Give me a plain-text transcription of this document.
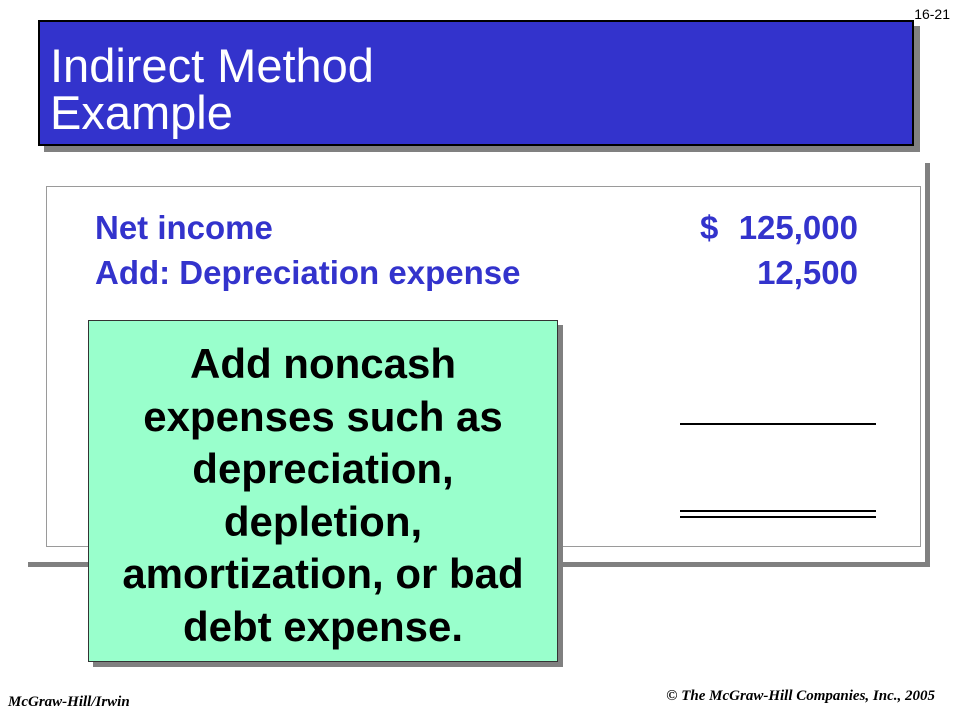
16-21
Indirect Method
Example
Net income	$ 125,000
Add: Depreciation expense	12,500
Add noncash
expenses such as
depreciation,
depletion,
amortization, or bad
debt expense.
McGraw-Hill/Irwin	© The McGraw-Hill Companies, Inc., 2005
